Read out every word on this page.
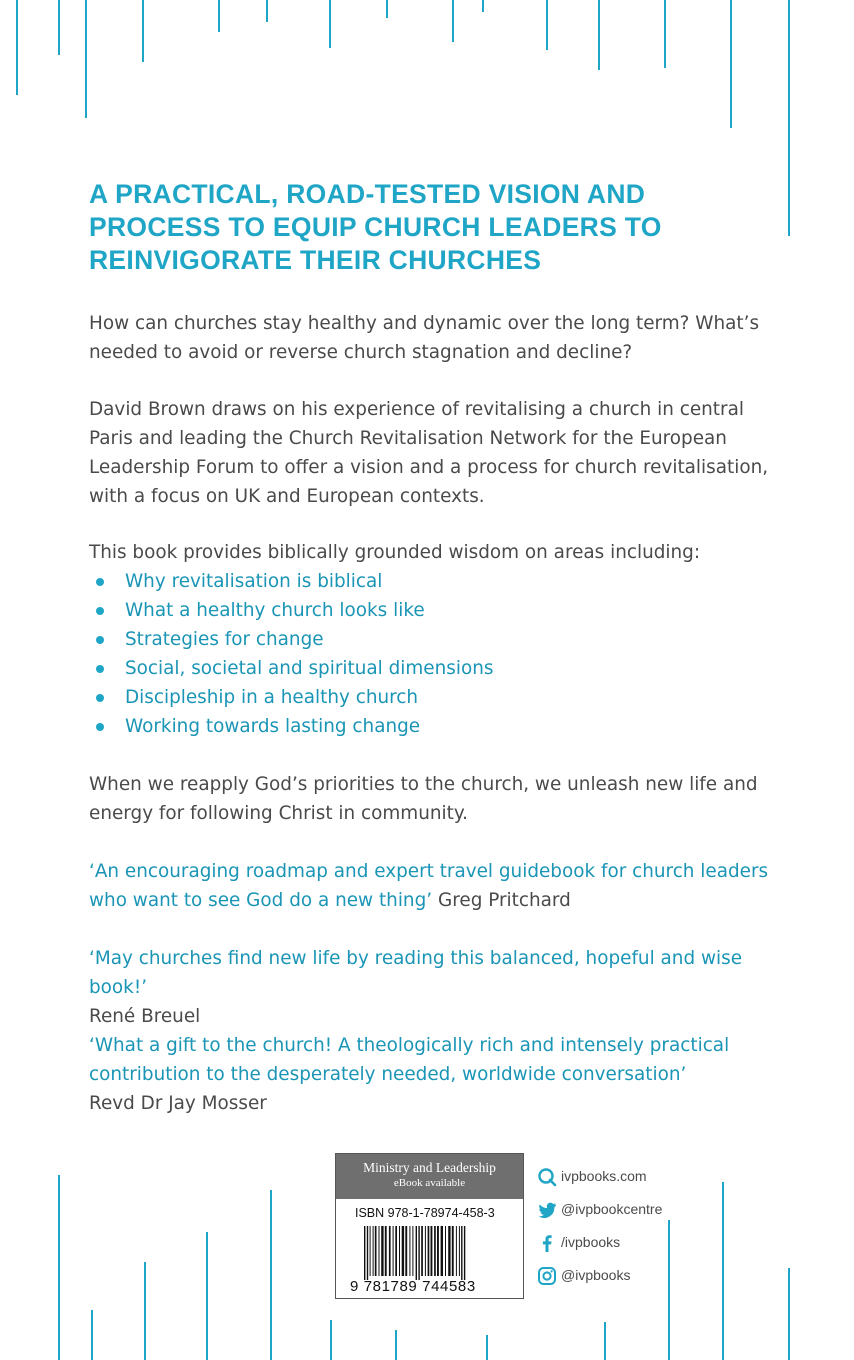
A PRACTICAL, ROAD-TESTED VISION AND
PROCESS TO EQUIP CHURCH LEADERS TO
REINVIGORATE THEIR CHURCHES

How can churches stay healthy and dynamic over the long term? What’s needed to avoid or reverse church stagnation and decline?

David Brown draws on his experience of revitalising a church in central Paris and leading the Church Revitalisation Network for the European Leadership Forum to offer a vision and a process for church revitalisation, with a focus on UK and European contexts.

This book provides biblically grounded wisdom on areas including:

Why revitalisation is biblical
What a healthy church looks like
Strategies for change
Social, societal and spiritual dimensions
Discipleship in a healthy church
Working towards lasting change

When we reapply God’s priorities to the church, we unleash new life and energy for following Christ in community.

‘An encouraging roadmap and expert travel guidebook for church leaders who want to see God do a new thing’ Greg Pritchard

‘May churches find new life by reading this balanced, hopeful and wise book!’
René Breuel

‘What a gift to the church! A theologically rich and intensely practical contribution to the desperately needed, worldwide conversation’
Revd Dr Jay Mosser

Ministry and Leadership
eBook available
ISBN 978-1-78974-458-3
9 781789 744583
ivpbooks.com
@ivpbookcentre
/ivpbooks
@ivpbooks
